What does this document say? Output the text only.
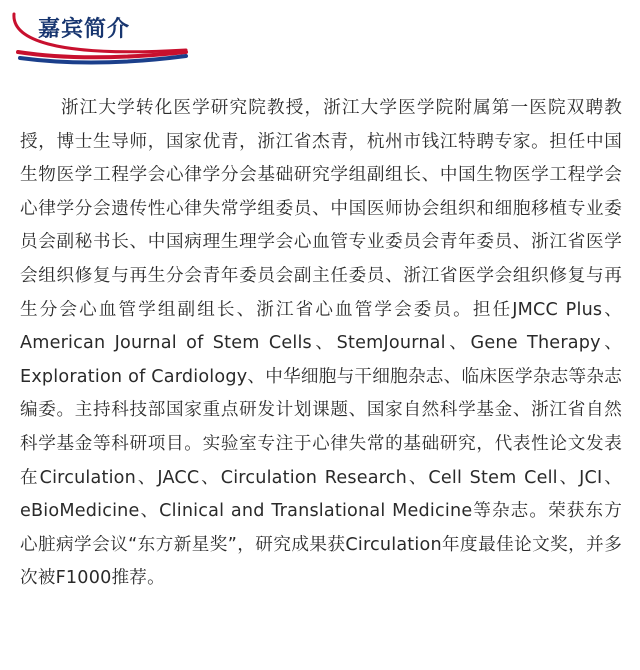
嘉宾简介

浙江大学转化医学研究院教授，浙江大学医学院附属第一医院双聘教授，博士生导师，国家优青，浙江省杰青，杭州市钱江特聘专家。担任中国生物医学工程学会心律学分会基础研究学组副组长、中国生物医学工程学会心律学分会遗传性心律失常学组委员、中国医师协会组织和细胞移植专业委员会副秘书长、中国病理生理学会心血管专业委员会青年委员、浙江省医学会组织修复与再生分会青年委员会副主任委员、浙江省医学会组织修复与再生分会心血管学组副组长、浙江省心血管学会委员。担任JMCC Plus、American Journal of Stem Cells、StemJournal、Gene Therapy、Exploration of Cardiology、中华细胞与干细胞杂志、临床医学杂志等杂志编委。主持科技部国家重点研发计划课题、国家自然科学基金、浙江省自然科学基金等科研项目。实验室专注于心律失常的基础研究，代表性论文发表在Circulation、JACC、Circulation Research、Cell Stem Cell、JCI、eBioMedicine、Clinical and Translational Medicine等杂志。荣获东方心脏病学会议“东方新星奖”，研究成果获Circulation年度最佳论文奖，并多次被F1000推荐。
